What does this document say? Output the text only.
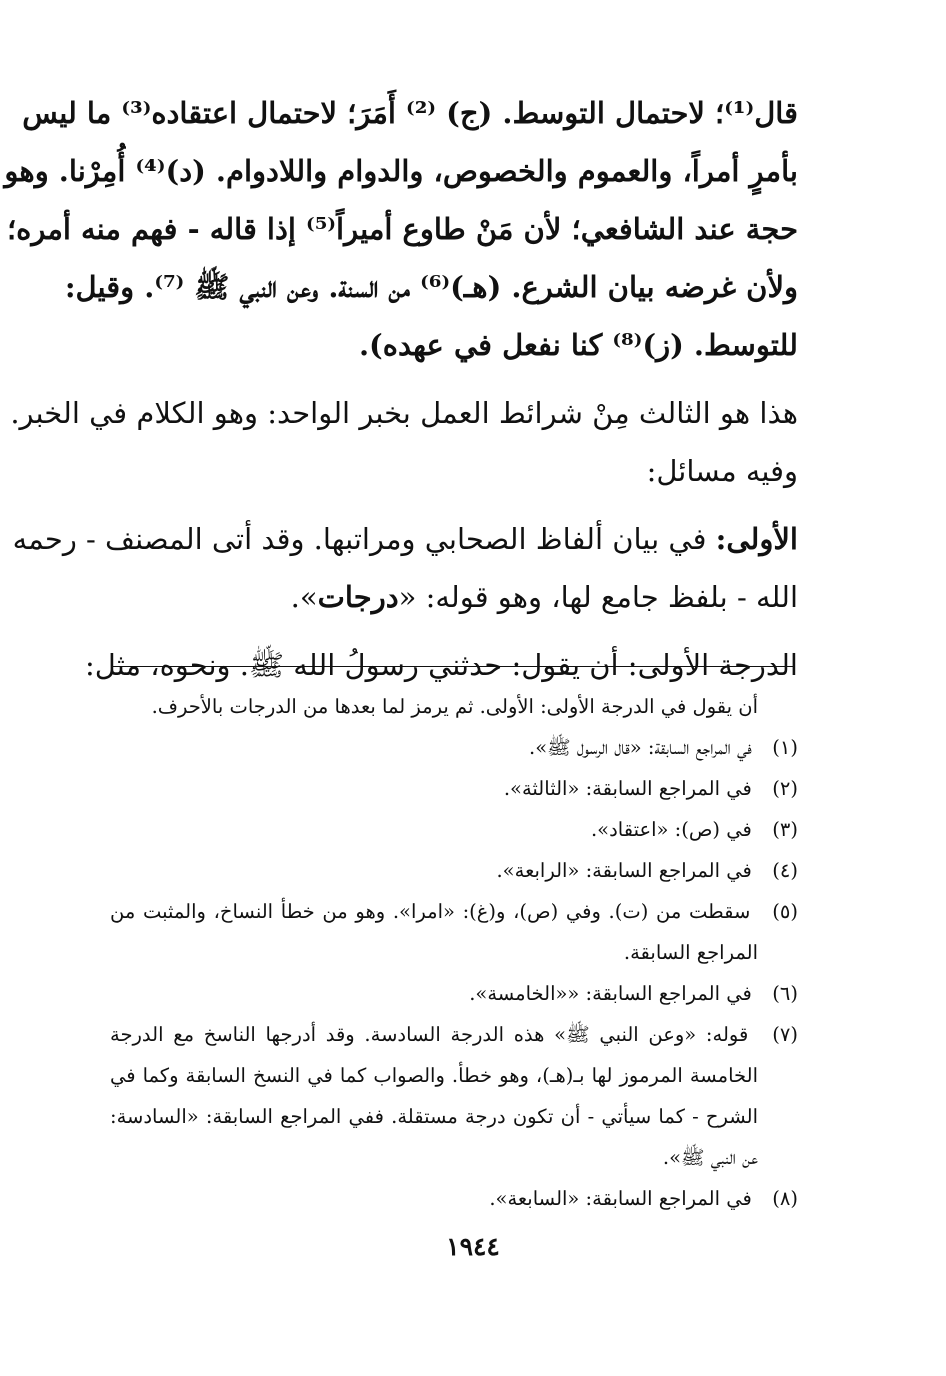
قال⁽¹⁾؛ لاحتمال التوسط. (ج) ⁽²⁾ أَمَرَ؛ لاحتمال اعتقاده⁽³⁾ ما ليس
بأمرٍ أمراً، والعموم والخصوص، والدوام واللادوام. (د)⁽⁴⁾ أُمِرْنا. وهو
حجة عند الشافعي؛ لأن مَنْ طاوع أميراً⁽⁵⁾ إذا قاله - فهم منه أمره؛
ولأن غرضه بيان الشرع. (هـ)⁽⁶⁾ من السنة. وعن النبي ﷺ ⁽⁷⁾. وقيل:
للتوسط. (ز)⁽⁸⁾ كنا نفعل في عهده).
هذا هو الثالث مِنْ شرائط العمل بخبر الواحد: وهو الكلام في الخبر.
وفيه مسائل:
الأولى: في بيان ألفاظ الصحابي ومراتبها. وقد أتى المصنف - رحمه
الله - بلفظ جامع لها، وهو قوله: «درجات».
الدرجة الأولى: أن يقول: حدثني رسولُ الله ﷺ. ونحوه، مثل:
أن يقول في الدرجة الأولى: الأولى. ثم يرمز لما بعدها من الدرجات بالأحرف.
(١) في المراجع السابقة: «قال الرسول ﷺ».
(٢) في المراجع السابقة: «الثالثة».
(٣) في (ص): «اعتقاد».
(٤) في المراجع السابقة: «الرابعة».
(٥) سقطت من (ت). وفي (ص)، و(غ): «امرا». وهو من خطأ النساخ، والمثبت من
المراجع السابقة.
(٦) في المراجع السابقة: ««الخامسة».
(٧) قوله: «وعن النبي ﷺ» هذه الدرجة السادسة. وقد أدرجها الناسخ مع الدرجة
الخامسة المرموز لها بـ(هـ)، وهو خطأ. والصواب كما في النسخ السابقة وكما في
الشرح - كما سيأتي - أن تكون درجة مستقلة. ففي المراجع السابقة: «السادسة:
عن النبي ﷺ».
(٨) في المراجع السابقة: «السابعة».
١٩٤٤
